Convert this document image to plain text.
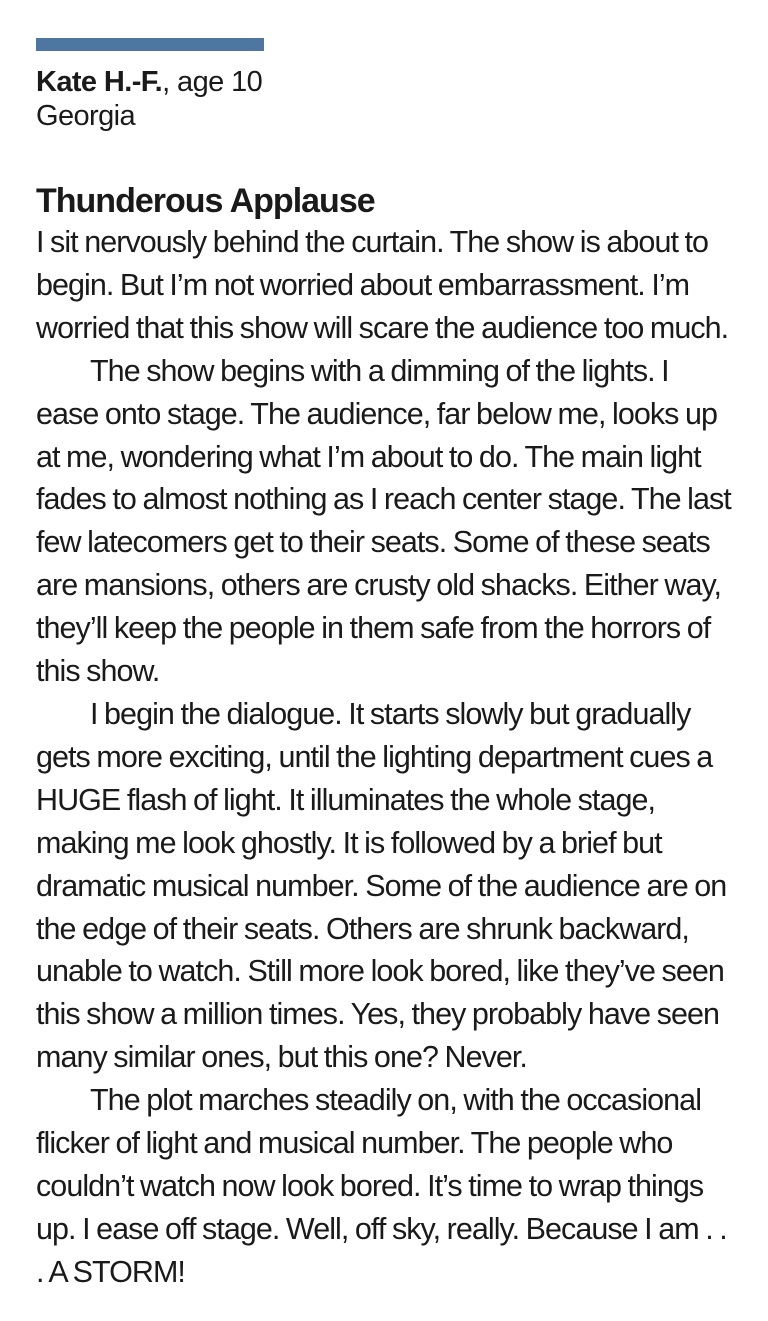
Kate H.-F., age 10
Georgia
Thunderous Applause

I sit nervously behind the curtain. The show is about to begin. But I’m not worried about embarrassment. I’m worried that this show will scare the audience too much.

The show begins with a dimming of the lights. I ease onto stage. The audience, far below me, looks up at me, wondering what I’m about to do. The main light fades to almost nothing as I reach center stage. The last few latecomers get to their seats. Some of these seats are mansions, others are crusty old shacks. Either way, they’ll keep the people in them safe from the horrors of this show.

I begin the dialogue. It starts slowly but gradually gets more exciting, until the lighting department cues a HUGE flash of light. It illuminates the whole stage, making me look ghostly. It is followed by a brief but dramatic musical number. Some of the audience are on the edge of their seats. Others are shrunk backward, unable to watch. Still more look bored, like they’ve seen this show a million times. Yes, they probably have seen many similar ones, but this one? Never.

The plot marches steadily on, with the occasional flicker of light and musical number. The people who couldn’t watch now look bored. It’s time to wrap things up. I ease off stage. Well, off sky, really. Because I am . . . A STORM!
